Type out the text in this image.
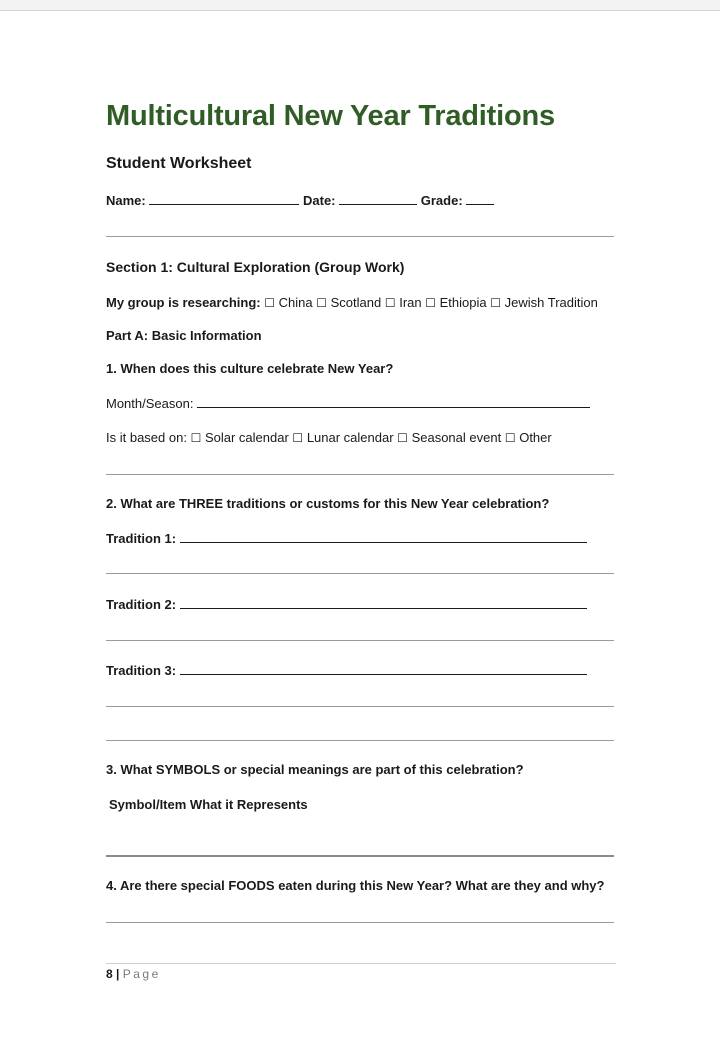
Multicultural New Year Traditions
Student Worksheet
Name:	Date:	Grade:
Section 1: Cultural Exploration (Group Work)
My group is researching: ☐ China ☐ Scotland ☐ Iran ☐ Ethiopia ☐ Jewish Tradition
Part A: Basic Information
1. When does this culture celebrate New Year?
Month/Season:
Is it based on: ☐ Solar calendar ☐ Lunar calendar ☐ Seasonal event ☐ Other
2. What are THREE traditions or customs for this New Year celebration?
Tradition 1:
Tradition 2:
Tradition 3:
3. What SYMBOLS or special meanings are part of this celebration?
Symbol/Item What it Represents
4. Are there special FOODS eaten during this New Year? What are they and why?
8 | Page
